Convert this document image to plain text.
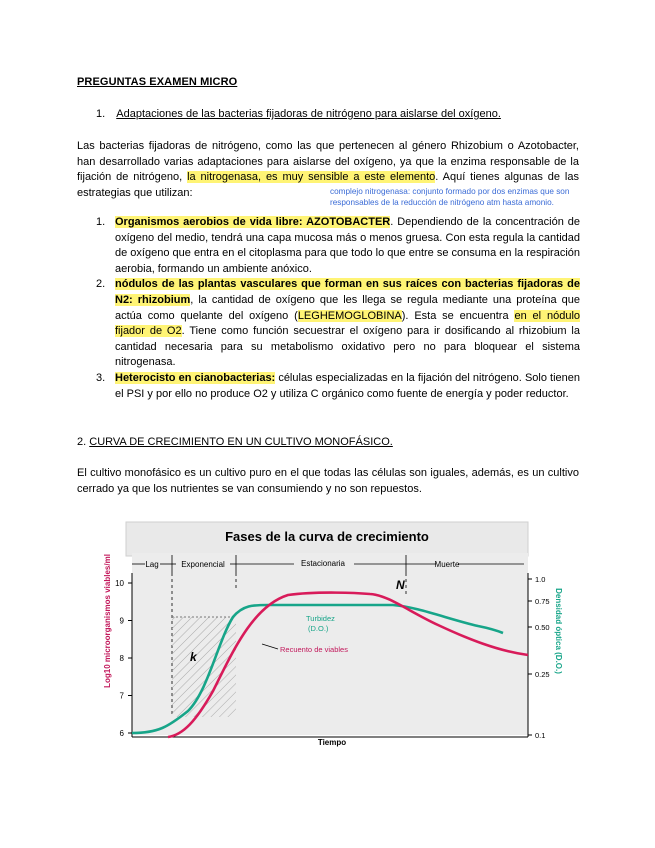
PREGUNTAS EXAMEN MICRO
1. Adaptaciones de las bacterias fijadoras de nitrógeno para aislarse del oxígeno.
Las bacterias fijadoras de nitrógeno, como las que pertenecen al género Rhizobium o Azotobacter, han desarrollado varias adaptaciones para aislarse del oxígeno, ya que la enzima responsable de la fijación de nitrógeno, la nitrogenasa, es muy sensible a este elemento. Aquí tienes algunas de las estrategias que utilizan:	complejo nitrogenasa: conjunto formado por dos enzimas que son responsables de la reducción de nitrógeno atm hasta amonio.
1. Organismos aerobios de vida libre: AZOTOBACTER. Dependiendo de la concentración de oxígeno del medio, tendrá una capa mucosa más o menos gruesa. Con esta regula la cantidad de oxígeno que entra en el citoplasma para que todo lo que entre se consuma en la respiración aerobia, formando un ambiente anóxico.
2. nódulos de las plantas vasculares que forman en sus raíces con bacterias fijadoras de N2: rhizobium, la cantidad de oxígeno que les llega se regula mediante una proteína que actúa como quelante del oxígeno (LEGHEMOGLOBINA). Esta se encuentra en el nódulo fijador de O2. Tiene como función secuestrar el oxígeno para ir dosificando al rhizobium la cantidad necesaria para su metabolismo oxidativo pero no para bloquear el sistema nitrogenasa.
3. Heterocisto en cianobacterias: células especializadas en la fijación del nitrógeno. Solo tienen el PSI y por ello no produce O2 y utiliza C orgánico como fuente de energía y poder reductor.
2. CURVA DE CRECIMIENTO EN UN CULTIVO MONOFÁSICO.
El cultivo monofásico es un cultivo puro en el que todas las células son iguales, además, es un cultivo cerrado ya que los nutrientes se van consumiendo y no son repuestos.
Fases de la curva de crecimiento
Lag	Exponencial	Estacionaria	Muerte
k
6
7
8
9
10
0.1
0.25
0.50
0.75
1.0
Log10 microorganismos viables/ml	Densidad óptica (D.O.)
Tiempo
Turbidez
(D.O.)
Recuento de viables
N
